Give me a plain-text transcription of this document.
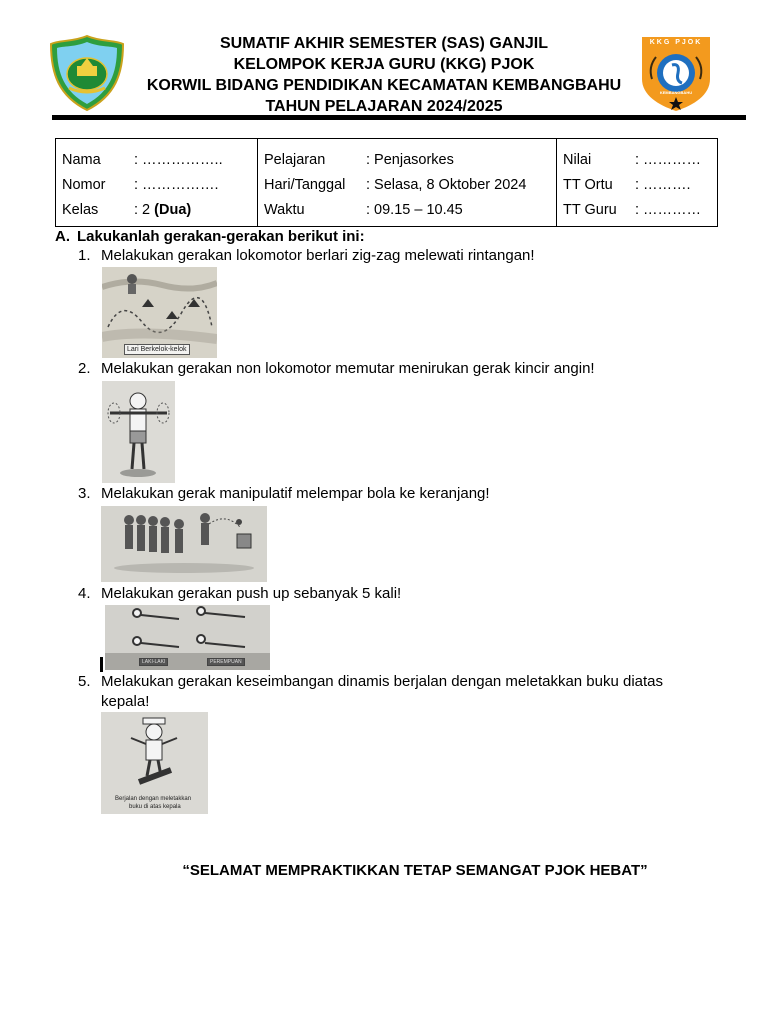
KKG PJOK
KEMBANGBAHU
SUMATIF AKHIR SEMESTER (SAS) GANJIL
KELOMPOK KERJA GURU (KKG) PJOK
KORWIL BIDANG PENDIDIKAN KECAMATAN KEMBANGBAHU
TAHUN PELAJARAN 2024/2025
Nama	: ……………..
Nomor	: …………….
Kelas	: 2 (Dua)

Pelajaran	: Penjasorkes
Hari/Tanggal	: Selasa, 8 Oktober 2024
Waktu	: 09.15 – 10.45

Nilai	: …………
TT Ortu	: ……….
TT Guru	: …………
A. Lakukanlah gerakan-gerakan berikut ini:
1. Melakukan gerakan lokomotor berlari zig-zag melewati rintangan!
Lari Berkelok-kelok
2. Melakukan gerakan non lokomotor memutar menirukan gerak kincir angin!
3. Melakukan gerak manipulatif melempar bola ke keranjang!
4. Melakukan gerakan push up sebanyak 5 kali!
LAKI-LAKI	PEREMPUAN
5. Melakukan gerakan keseimbangan dinamis berjalan dengan meletakkan buku diatas
kepala!
Berjalan dengan meletakkan
buku di atas kepala
“SELAMAT MEMPRAKTIKKAN TETAP SEMANGAT PJOK HEBAT”
